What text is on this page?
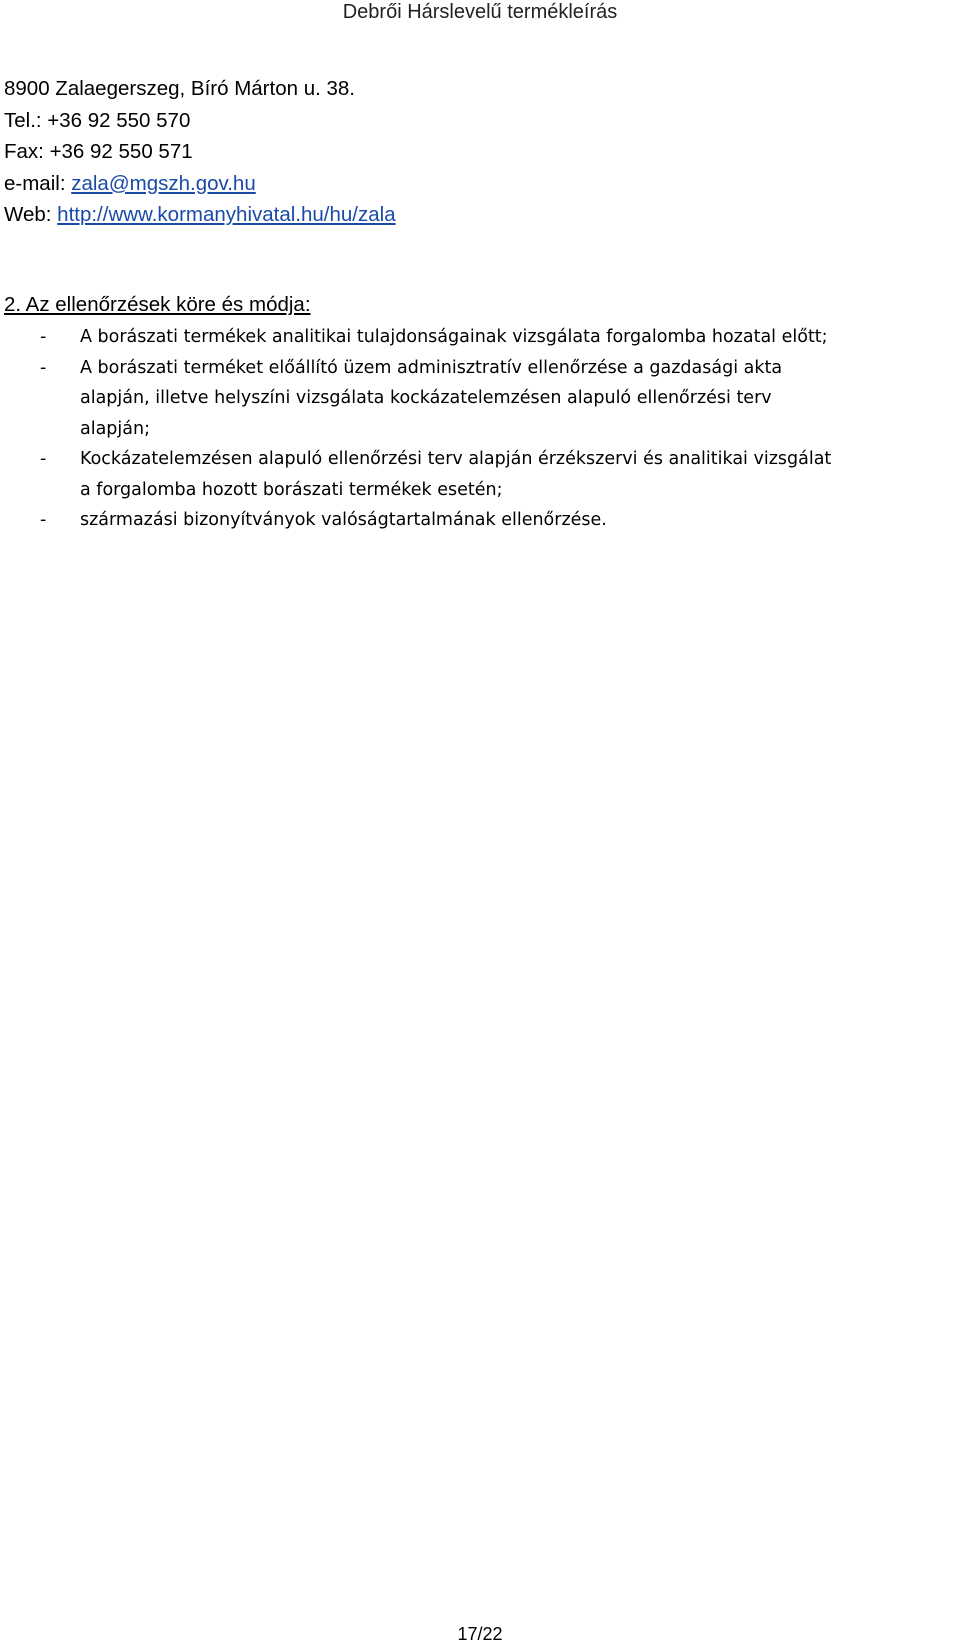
Debrői Hárslevelű termékleírás
8900 Zalaegerszeg, Bíró Márton u. 38.
Tel.: +36 92 550 570
Fax: +36 92 550 571
e-mail: zala@mgszh.gov.hu
Web: http://www.kormanyhivatal.hu/hu/zala
2. Az ellenőrzések köre és módja:
- A borászati termékek analitikai tulajdonságainak vizsgálata forgalomba hozatal előtt;
- A borászati terméket előállító üzem adminisztratív ellenőrzése a gazdasági akta
alapján, illetve helyszíni vizsgálata kockázatelemzésen alapuló ellenőrzési terv
alapján;
- Kockázatelemzésen alapuló ellenőrzési terv alapján érzékszervi és analitikai vizsgálat
a forgalomba hozott borászati termékek esetén;
- származási bizonyítványok valóságtartalmának ellenőrzése.
17/22
